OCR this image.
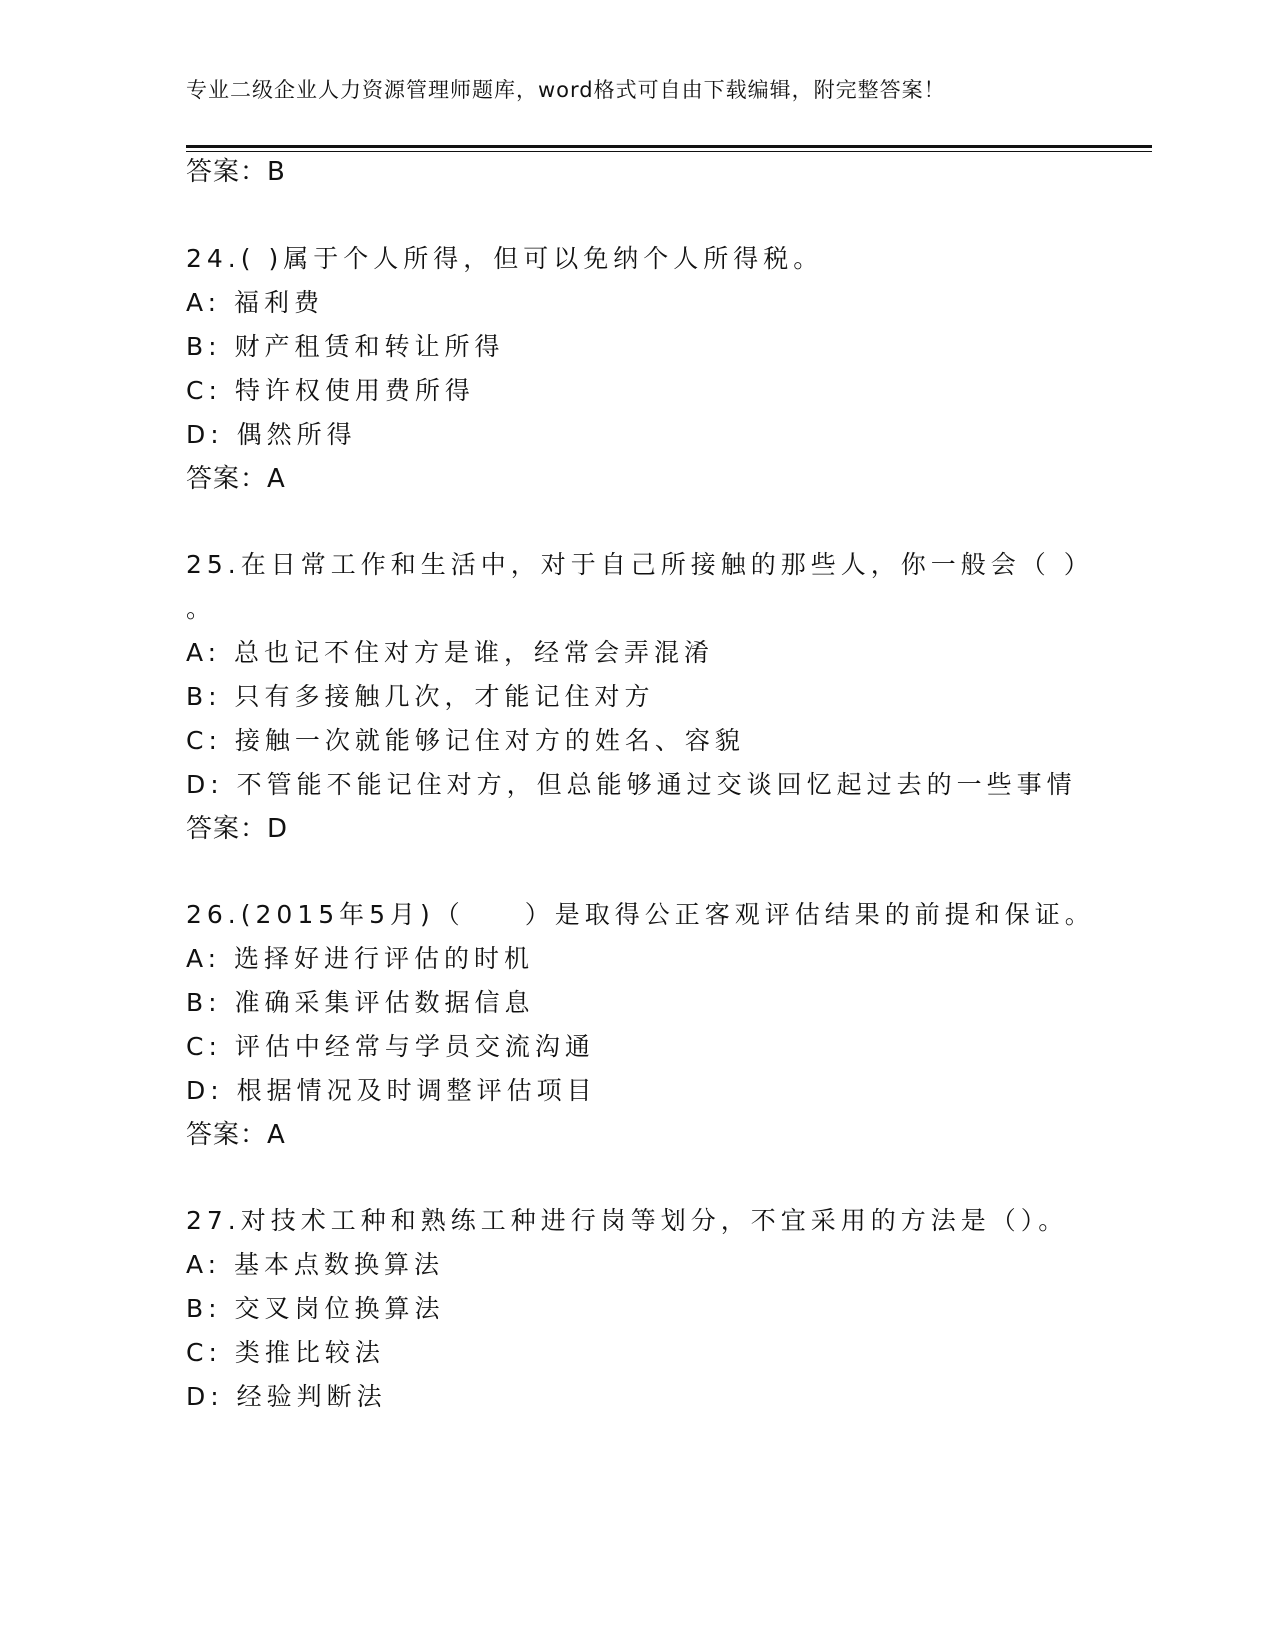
专业二级企业人力资源管理师题库，word格式可自由下载编辑，附完整答案！
答案：B
24.( )属于个人所得，但可以免纳个人所得税。
A: 福利费
B: 财产租赁和转让所得
C: 特许权使用费所得
D: 偶然所得
答案：A
25.在日常工作和生活中，对于自己所接触的那些人，你一般会（ ）
。
A: 总也记不住对方是谁，经常会弄混淆
B: 只有多接触几次，才能记住对方
C: 接触一次就能够记住对方的姓名、容貌
D: 不管能不能记住对方，但总能够通过交谈回忆起过去的一些事情
答案：D
26.(2015年5月)（　　）是取得公正客观评估结果的前提和保证。
A: 选择好进行评估的时机
B: 准确采集评估数据信息
C: 评估中经常与学员交流沟通
D: 根据情况及时调整评估项目
答案：A
27.对技术工种和熟练工种进行岗等划分，不宜采用的方法是（）。
A: 基本点数换算法
B: 交叉岗位换算法
C: 类推比较法
D: 经验判断法
